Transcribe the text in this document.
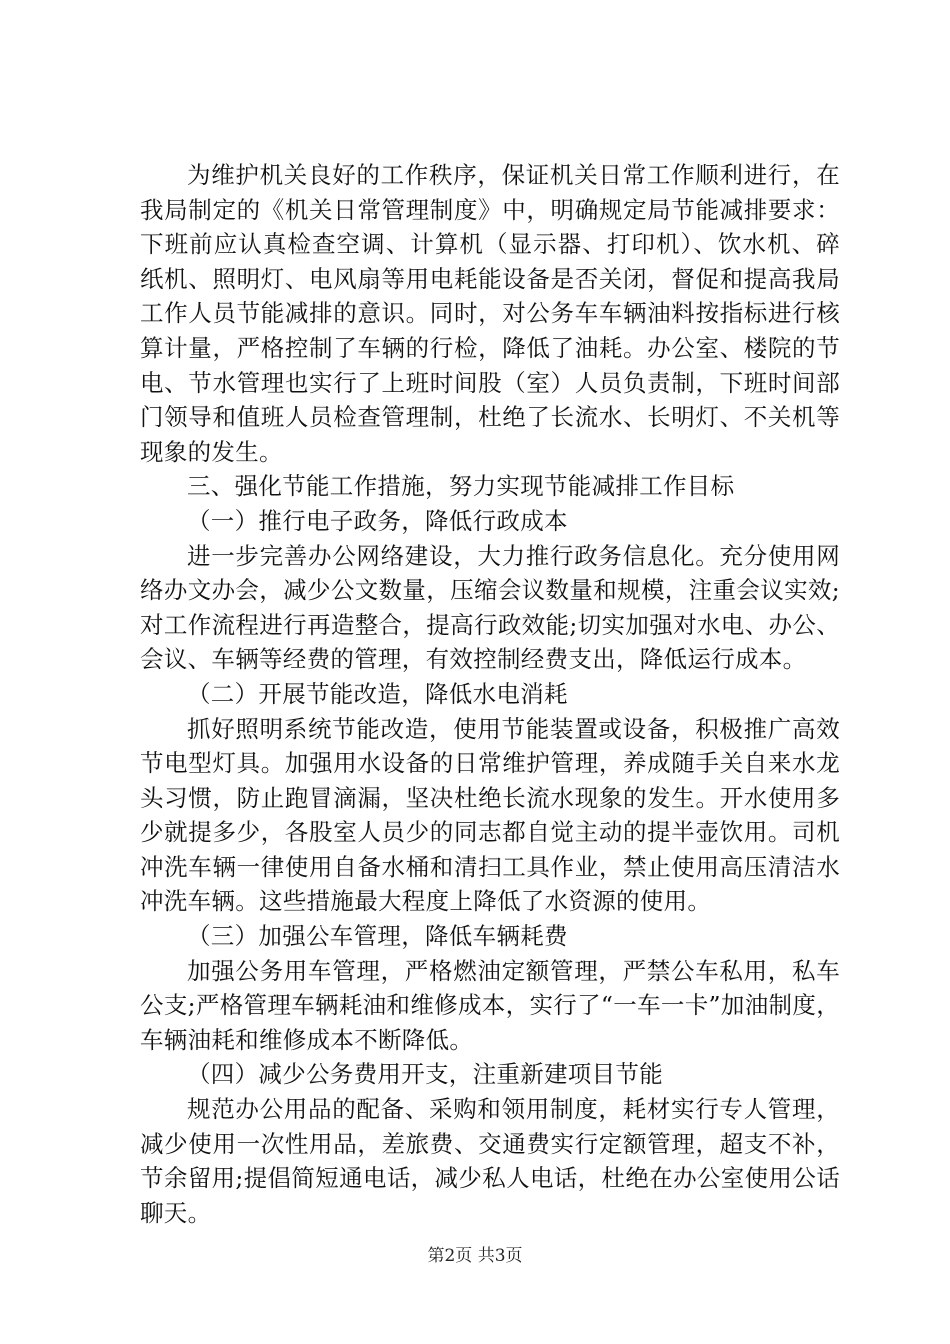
为维护机关良好的工作秩序，保证机关日常工作顺利进行，在我局制定的《机关日常管理制度》中，明确规定局节能减排要求：下班前应认真检查空调、计算机（显示器、打印机）、饮水机、碎纸机、照明灯、电风扇等用电耗能设备是否关闭，督促和提高我局工作人员节能减排的意识。同时，对公务车车辆油料按指标进行核算计量，严格控制了车辆的行检，降低了油耗。办公室、楼院的节电、节水管理也实行了上班时间股（室）人员负责制，下班时间部门领导和值班人员检查管理制，杜绝了长流水、长明灯、不关机等现象的发生。

三、强化节能工作措施，努力实现节能减排工作目标

（一）推行电子政务，降低行政成本

进一步完善办公网络建设，大力推行政务信息化。充分使用网络办文办会，减少公文数量，压缩会议数量和规模，注重会议实效;对工作流程进行再造整合，提高行政效能;切实加强对水电、办公、会议、车辆等经费的管理，有效控制经费支出，降低运行成本。

（二）开展节能改造，降低水电消耗

抓好照明系统节能改造，使用节能装置或设备，积极推广高效节电型灯具。加强用水设备的日常维护管理，养成随手关自来水龙头习惯，防止跑冒滴漏，坚决杜绝长流水现象的发生。开水使用多少就提多少，各股室人员少的同志都自觉主动的提半壶饮用。司机冲洗车辆一律使用自备水桶和清扫工具作业，禁止使用高压清洁水冲洗车辆。这些措施最大程度上降低了水资源的使用。

（三）加强公车管理，降低车辆耗费

加强公务用车管理，严格燃油定额管理，严禁公车私用，私车公支;严格管理车辆耗油和维修成本，实行了“一车一卡”加油制度，车辆油耗和维修成本不断降低。

（四）减少公务费用开支，注重新建项目节能

规范办公用品的配备、采购和领用制度，耗材实行专人管理，减少使用一次性用品，差旅费、交通费实行定额管理，超支不补，节余留用;提倡简短通电话，减少私人电话，杜绝在办公室使用公话聊天。

第2页 共3页
